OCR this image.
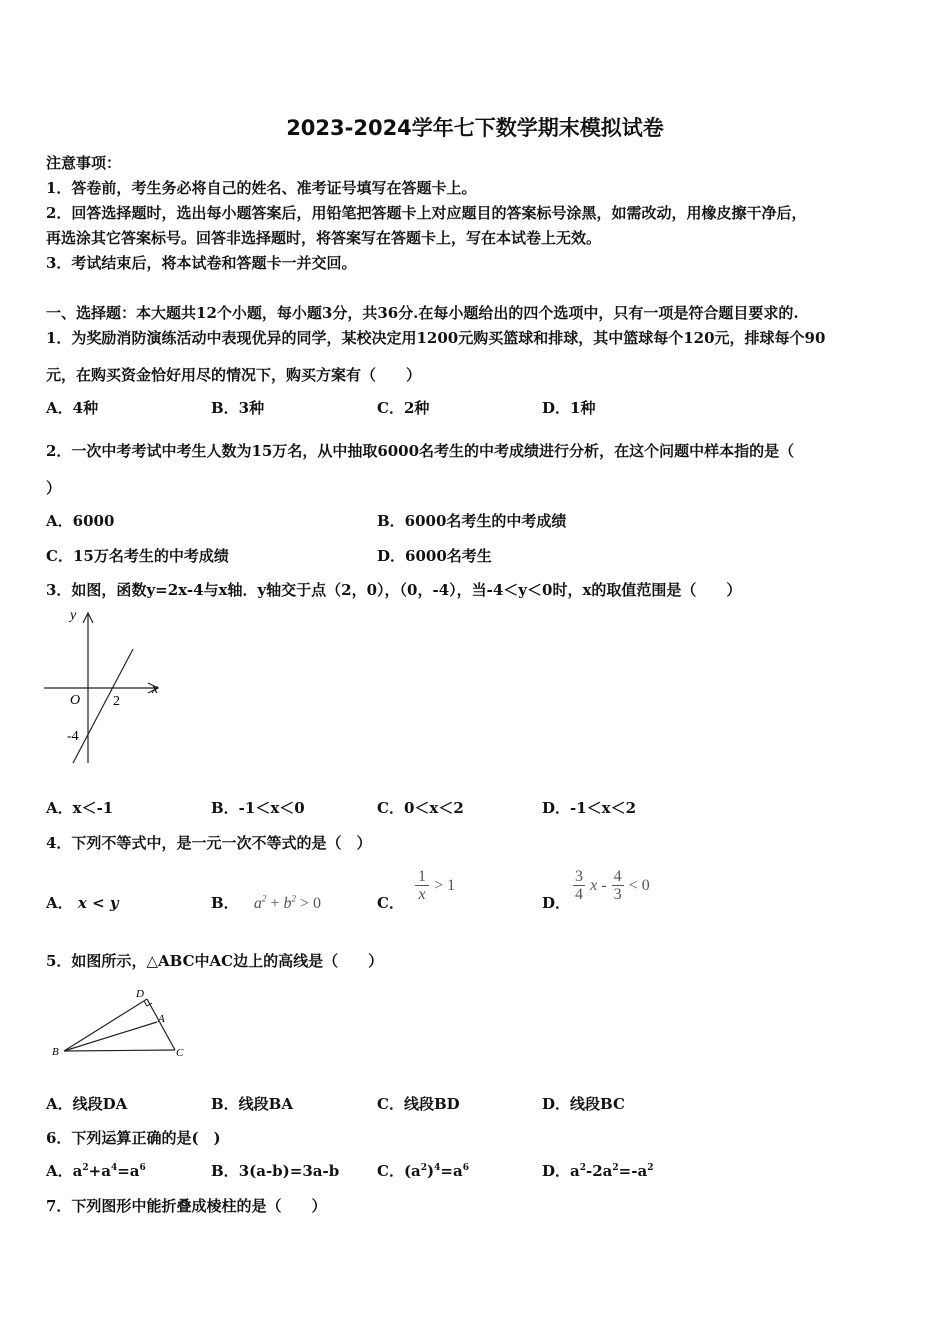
2023-2024学年七下数学期末模拟试卷
注意事项：
1．答卷前，考生务必将自己的姓名、准考证号填写在答题卡上。
2．回答选择题时，选出每小题答案后，用铅笔把答题卡上对应题目的答案标号涂黑，如需改动，用橡皮擦干净后，
再选涂其它答案标号。回答非选择题时，将答案写在答题卡上，写在本试卷上无效。
3．考试结束后，将本试卷和答题卡一并交回。
一、选择题：本大题共12个小题，每小题3分，共36分.在每小题给出的四个选项中，只有一项是符合题目要求的.
1．为奖励消防演练活动中表现优异的同学，某校决定用1200元购买篮球和排球，其中篮球每个120元，排球每个90
元，在购买资金恰好用尽的情况下，购买方案有（　　）
A．4种	B．3种	C．2种	D．1种
2．一次中考考试中考生人数为15万名，从中抽取6000名考生的中考成绩进行分析，在这个问题中样本指的是（
）
A．6000	B．6000名考生的中考成绩
C．15万名考生的中考成绩	D．6000名考生
3．如图，函数y=2x-4与x轴．y轴交于点（2，0），（0，-4），当-4＜y＜0时，x的取值范围是（　　）
y
x
O 2
-4
A．x＜-1	B．-1＜x＜0	C．0＜x＜2	D．-1＜x＜2
4．下列不等式中，是一元一次不等式的是（　）
A． x < y	B． $a^2 + b^2 > 0$	C． $\frac{1}{x} > 1$
D． $\frac{3}{4}$ $x - \frac{4}{3} < 0$
5．如图所示，△ABC中AC边上的高线是（　　）
D
A
B	C
A．线段DA	B．线段BA	C．线段BD	D．线段BC
6．下列运算正确的是(　)
A．$a^2+a^4=a^6$	B．3(a-b)=3a-b	C．$(a^2)^4=a^6$	D．$a^2-2a^2=-a^2$
7．下列图形中能折叠成棱柱的是（　　）
